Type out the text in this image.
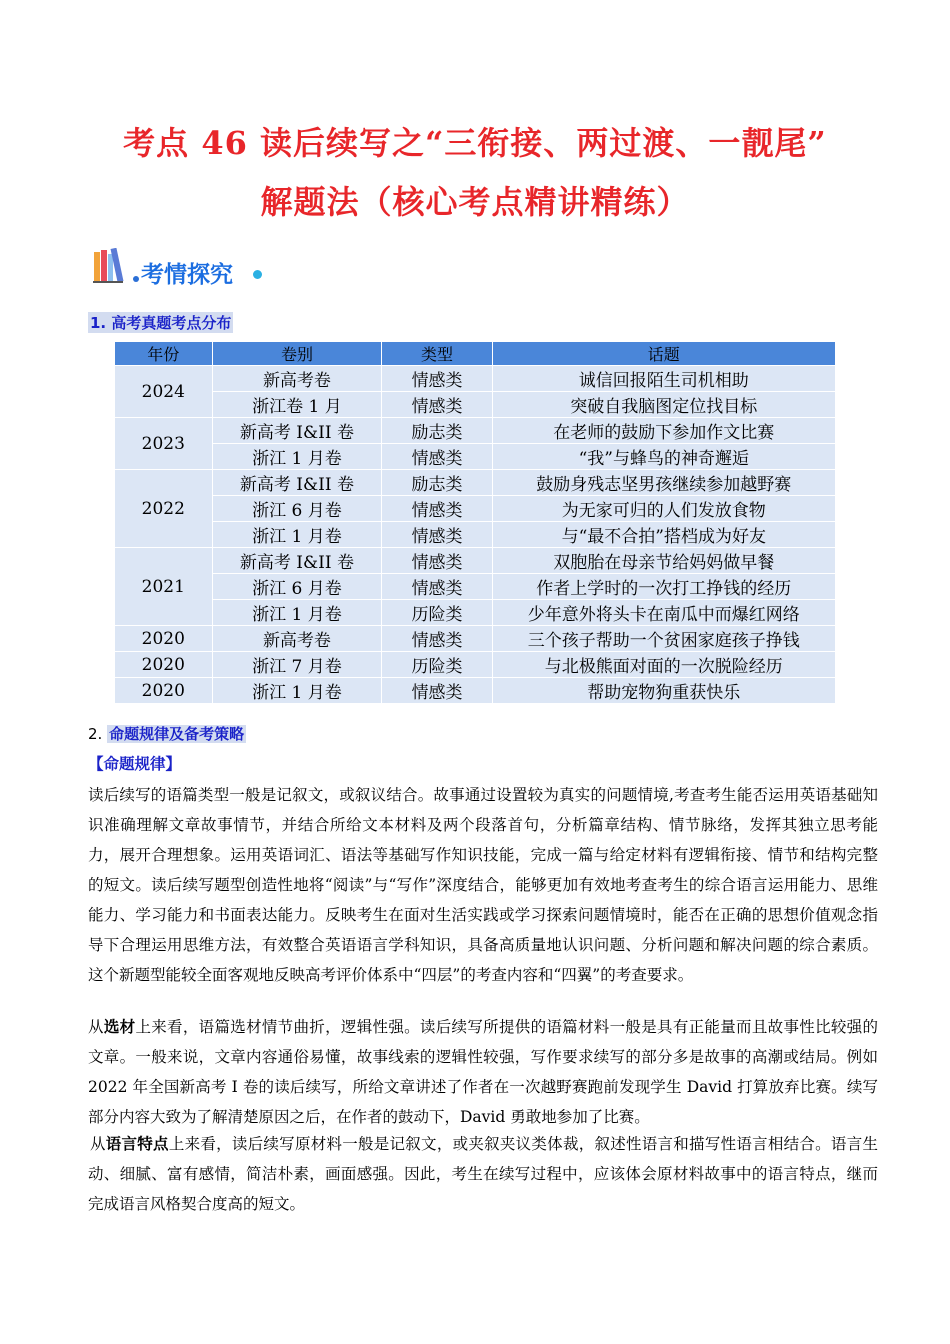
考点 46 读后续写之“三衔接、两过渡、一靓尾”
解题法（核心考点精讲精练）
考情探究
1. 高考真题考点分布
年份	卷别	类型	话题
2024	新高考卷	情感类	诚信回报陌生司机相助
	浙江卷 1 月	情感类	突破自我脑图定位找目标
2023	新高考 I&II 卷	励志类	在老师的鼓励下参加作文比赛
	浙江 1 月卷	情感类	“我”与蜂鸟的神奇邂逅
2022	新高考 I&II 卷	励志类	鼓励身残志坚男孩继续参加越野赛
	浙江 6 月卷	情感类	为无家可归的人们发放食物
	浙江 1 月卷	情感类	与“最不合拍”搭档成为好友
2021	新高考 I&II 卷	情感类	双胞胎在母亲节给妈妈做早餐
	浙江 6 月卷	情感类	作者上学时的一次打工挣钱的经历
	浙江 1 月卷	历险类	少年意外将头卡在南瓜中而爆红网络
2020	新高考卷	情感类	三个孩子帮助一个贫困家庭孩子挣钱
2020	浙江 7 月卷	历险类	与北极熊面对面的一次脱险经历
2020	浙江 1 月卷	情感类	帮助宠物狗重获快乐
2. 命题规律及备考策略
【命题规律】

读后续写的语篇类型一般是记叙文，或叙议结合。故事通过设置较为真实的问题情境,考查考生能否运用英语基础知识准确理解文章故事情节，并结合所给文本材料及两个段落首句，分析篇章结构、情节脉络，发挥其独立思考能力，展开合理想象。运用英语词汇、语法等基础写作知识技能，完成一篇与给定材料有逻辑衔接、情节和结构完整的短文。读后续写题型创造性地将“阅读”与“写作”深度结合，能够更加有效地考查考生的综合语言运用能力、思维能力、学习能力和书面表达能力。反映考生在面对生活实践或学习探索问题情境时，能否在正确的思想价值观念指导下合理运用思维方法，有效整合英语语言学科知识，具备高质量地认识问题、分析问题和解决问题的综合素质。这个新题型能较全面客观地反映高考评价体系中“四层”的考查内容和“四翼”的考查要求。

从选材上来看，语篇选材情节曲折，逻辑性强。读后续写所提供的语篇材料一般是具有正能量而且故事性比较强的文章。一般来说，文章内容通俗易懂，故事线索的逻辑性较强，写作要求续写的部分多是故事的高潮或结局。例如 2022 年全国新高考 I 卷的读后续写，所给文章讲述了作者在一次越野赛跑前发现学生 David 打算放弃比赛。续写部分内容大致为了解清楚原因之后，在作者的鼓动下，David 勇敢地参加了比赛。

从语言特点上来看，读后续写原材料一般是记叙文，或夹叙夹议类体裁，叙述性语言和描写性语言相结合。语言生动、细腻、富有感情，简洁朴素，画面感强。因此，考生在续写过程中，应该体会原材料故事中的语言特点，继而完成语言风格契合度高的短文。
